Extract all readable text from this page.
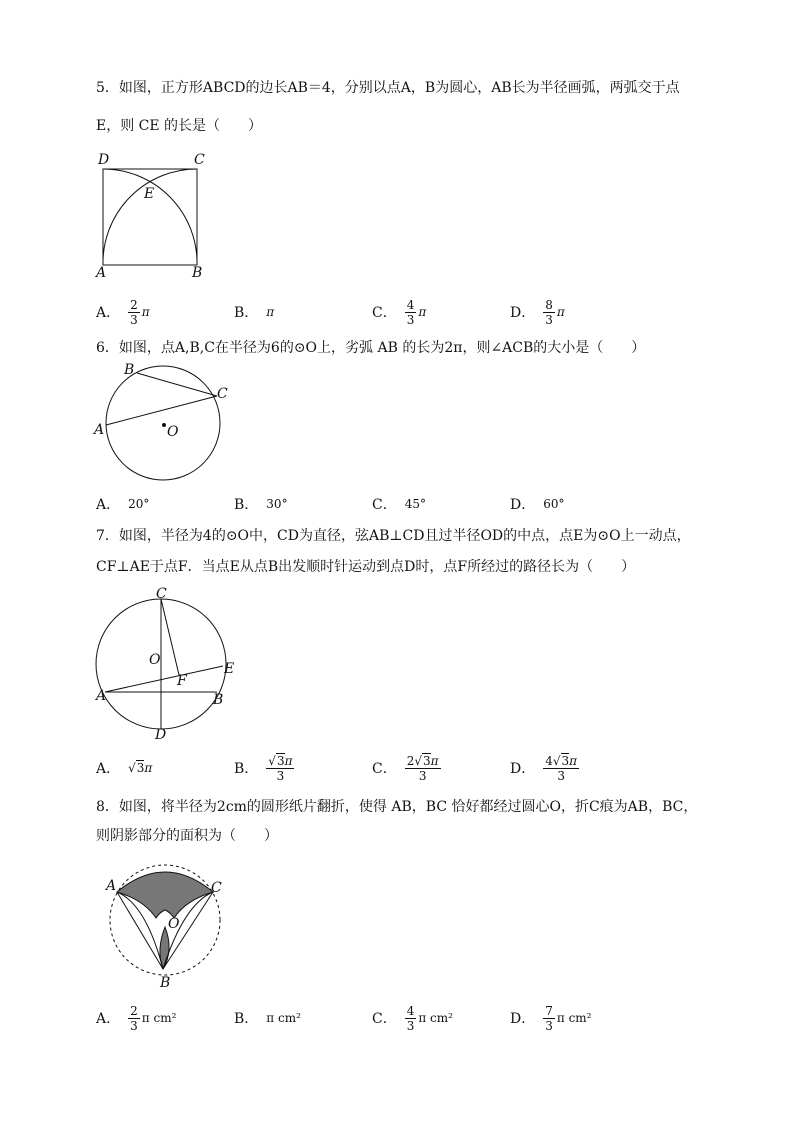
5．如图，正方形ABCD的边长AB＝4，分别以点A，B为圆心，AB长为半径画弧，两弧交于点
E，则 CE 的长是（　　）
D	C
E
A	B
A． $\frac{2}{3}$ π	B． π	C． $\frac{4}{3}$ π	D． $\frac{8}{3}$ π
6．如图，点A,B,C在半径为6的⊙O上，劣弧 AB 的长为2π，则∠ACB的大小是（　　）
B
C
A	O
A． 20°	B． 30°	C． 45°	D． 60°
7．如图，半径为4的⊙O中，CD为直径，弦AB⊥CD且过半径OD的中点，点E为⊙O上一动点，
CF⊥AE于点F．当点E从点B出发顺时针运动到点D时，点F所经过的路径长为（　　）
C
O
E
F
A	B
D
A． √3 π	B． $\frac{√3\pi}{3}$	C． $\frac{2√3\pi}{3}$	D． $\frac{4√3\pi}{3}$
8．如图，将半径为2cm的圆形纸片翻折，使得 AB，BC 恰好都经过圆心O，折C痕为AB，BC，
则阴影部分的面积为（　　）
A	C
O
B
A． $\frac{2}{3}$ π cm²	B． π cm²	C． $\frac{4}{3}$ π cm²	D． $\frac{7}{3}$ π cm²
